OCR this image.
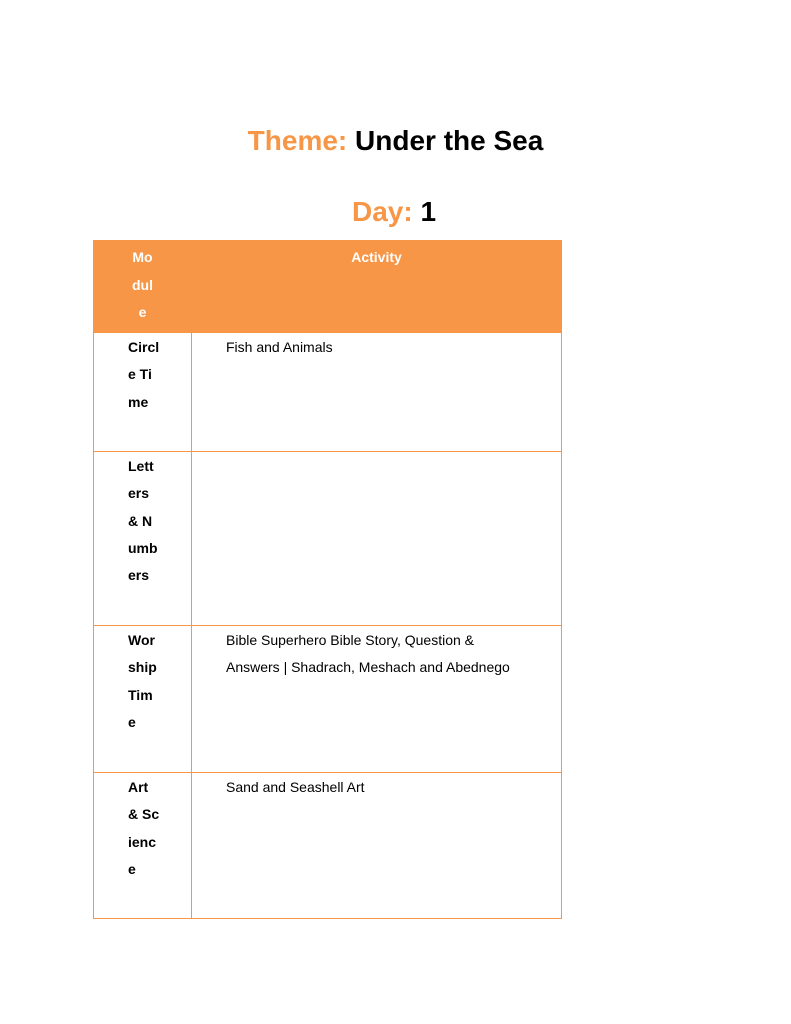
Theme: Under the Sea
Day: 1
Module	Activity

Circle Time	Fish and Animals

Letters & Numbers	

Worship Time	Bible Superhero Bible Story, Question & Answers | Shadrach, Meshach and Abednego

Art & Science	Sand and Seashell Art
